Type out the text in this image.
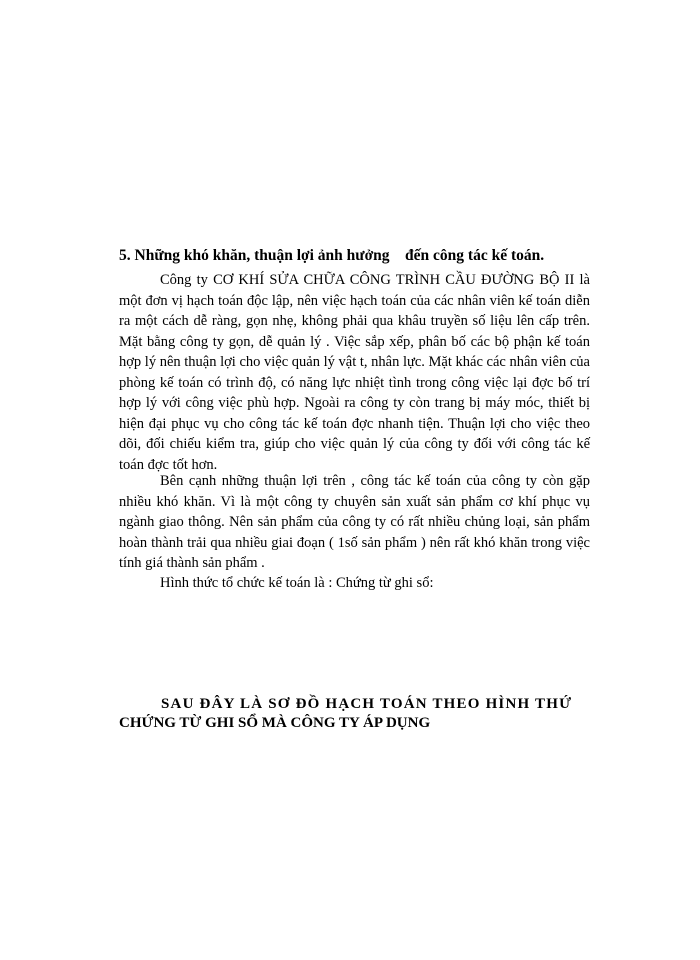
5. Những khó khăn, thuận lợi ảnh hưởng    đến công tác kế toán.

Công ty CƠ KHÍ SỬA CHỮA CÔNG TRÌNH CẦU ĐƯỜNG BỘ II là một đơn vị hạch toán độc lập, nên việc hạch toán của các nhân viên kế toán diễn ra một cách dễ ràng, gọn nhẹ, không phải qua khâu truyền số liệu lên cấp trên. Mặt bằng công ty gọn, dễ quản lý . Việc sắp xếp, phân bố các bộ phận kế toán hợp lý nên thuận lợi cho việc quản lý vật t, nhân lực. Mặt khác các nhân viên của phòng kế toán có trình độ, có năng lực nhiệt tình trong công việc lại đợc bố trí hợp lý với công việc phù hợp. Ngoài ra công ty còn trang bị máy móc, thiết bị hiện đại phục vụ cho công tác kế toán đợc nhanh tiện. Thuận lợi cho việc theo dõi, đối chiếu kiểm tra, giúp cho việc quản lý của công ty đối với công tác kế toán đợc tốt hơn.

Bên cạnh những thuận lợi trên , công tác kế toán của công ty còn gặp nhiều khó khăn. Vì là một công ty chuyên sản xuất sản phẩm cơ khí phục vụ ngành giao thông. Nên sản phẩm của công ty có rất nhiều chủng loại, sản phẩm hoàn thành trải qua nhiều giai đoạn ( 1số sản phẩm ) nên rất khó khăn trong việc tính giá thành sản phẩm .

Hình thức tổ chức kế toán là : Chứng từ ghi sổ:
SAU ĐÂY LÀ SƠ ĐỒ HẠCH TOÁN THEO HÌNH THỨ
CHỨNG TỪ GHI SỔ MÀ CÔNG TY ÁP DỤNG
